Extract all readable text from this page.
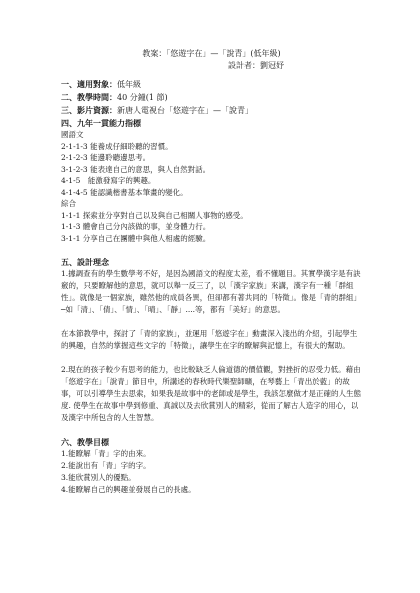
教案：「悠遊字在」—「說青」(低年級)
設計者：劉冠妤
一、適用對象：低年級
二、教學時間：40 分鐘(1 節)
三、影片資源：新唐人電視台「悠遊字在」—「說青」
四、九年一貫能力指標
國語文
2-1-1-3 能養成仔細聆聽的習慣。
2-1-2-3 能邊聆聽邊思考。
3-1-2-3 能表達自己的意思，與人自然對話。
4-1-5　能激發寫字的興趣。
4-1-4-5 能認識楷書基本筆畫的變化。
綜合
1-1-1 探索並分享對自己以及與自己相關人事物的感受。
1-1-3 體會自己分內該做的事，並身體力行。
3-1-1 分享自己在團體中與他人相處的經驗。
五、設計理念

1.據調查有的學生數學考不好，是因為國語文的程度太差，看不懂題目。其實學漢字是有訣竅的，只要瞭解他的意思，就可以舉一反三了，以「漢字家族」來講，漢字有一種「群組性」。就像是一個家族，雖然他的成員各異，但卻都有著共同的「特徵」。像是「青的群組」─如「清」、「倩」、「情」、「晴」、「靜」....等，都有「美好」的意思。

在本節教學中，探討了「青的家族」，並運用「悠遊字在」動畫深入淺出的介紹，引起學生的興趣，自然的掌握這些文字的「特徵」，讓學生在字的瞭解與記憶上，有很大的幫助。

2.現在的孩子較少有思考的能力，也比較缺乏人倫道德的價值觀，對挫折的忍受力低。藉由「悠遊字在」「說青」節目中，所講述的春秋時代樂聖師曠，在琴藝上「青出於藍」的故事，可以引導學生去思索，如果我是故事中的老師或是學生，我該怎麼做才是正確的人生態度. 使學生在故事中學到修重、真誠以及去欣賞別人的精彩，從而了解古人造字的用心，以及漢字中所包含的人生智慧。

六、教學目標
1.能瞭解「青」字的由來。
2.能說出有「青」字的字。
3.能欣賞別人的優點。
4.能瞭解自己的興趣並發展自己的長處。
